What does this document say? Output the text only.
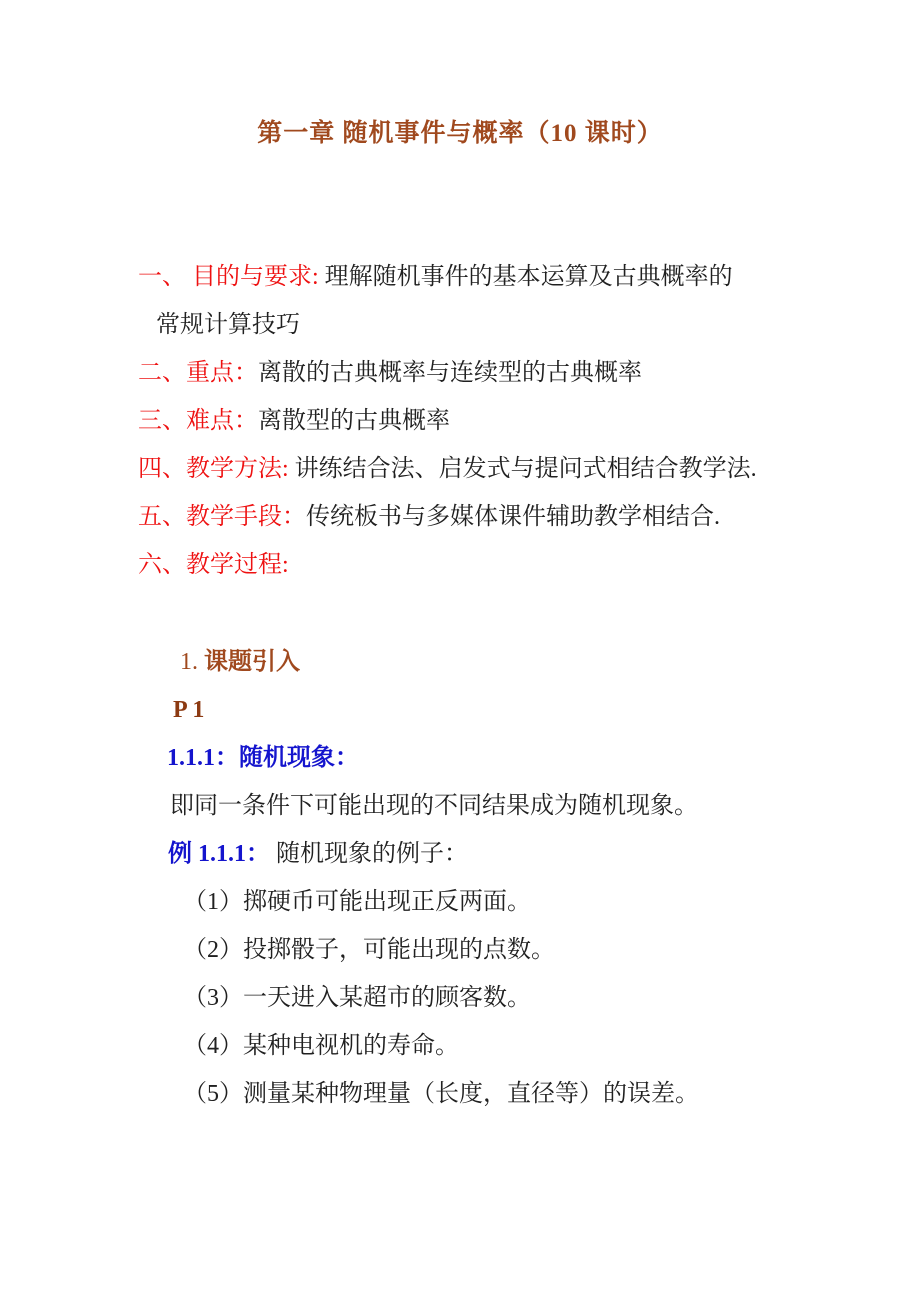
第一章 随机事件与概率（10 课时）

一、 目的与要求: 理解随机事件的基本运算及古典概率的

常规计算技巧

二、重点：离散的古典概率与连续型的古典概率

三、难点：离散型的古典概率

四、教学方法: 讲练结合法、启发式与提问式相结合教学法.

五、教学手段：传统板书与多媒体课件辅助教学相结合.

六、教学过程:

1. 课题引入

P 1

1.1.1：随机现象：

即同一条件下可能出现的不同结果成为随机现象。

例 1.1.1： 随机现象的例子：

（1）掷硬币可能出现正反两面。

（2）投掷骰子，可能出现的点数。

（3）一天进入某超市的顾客数。

（4）某种电视机的寿命。

（5）测量某种物理量（长度，直径等）的误差。
